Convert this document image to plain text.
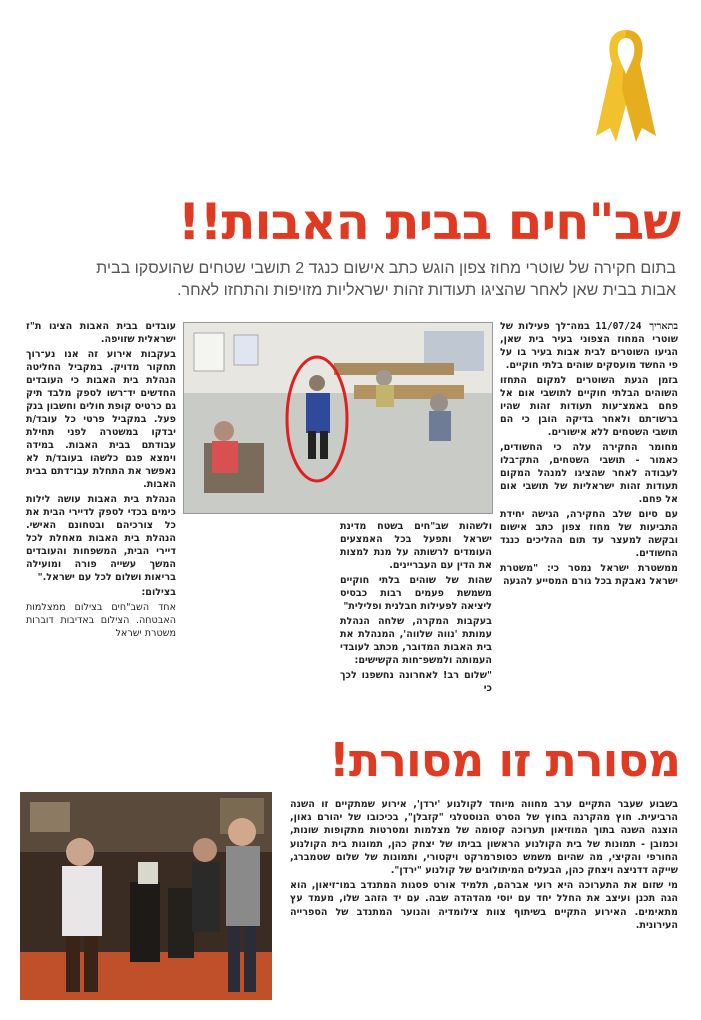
שב"חים בבית האבות!!
בתום חקירה של שוטרי מחוז צפון הוגש כתב אישום כנגד 2 תושבי שטחים שהועסקו בבית אבות בבית שאן לאחר שהציגו תעודות זהות ישראליות מזויפות והתחזו לאחר.

בתאריך 11/07/24 במה־לך פעילות של שוטרי המחוז הצפוני בעיר בית שאן, הגיעו השוטרים לבית אבות בעיר בו על פי החשד מועסקים שוהים בלתי חוקיים.

בזמן הגעת השוטרים למקום התחזו השוהים הבלתי חוקיים לתושבי אום אל פחם באמצ־עות תעודות זהות שהיו ברשו־תם ולאחר בדיקה הובן כי הם תושבי השטחים ללא אישורים.

מחומר החקירה עלה כי החשודים, כאמור - תושבי השטחים, התק־בלו לעבודה לאחר שהציגו למנהל המקום תעודות זהות ישראליות של תושבי אום אל פחם.

עם סיום שלב החקירה, הגישה יחידת התביעות של מחוז צפון כתב אישום ובקשה למעצר עד תום ההליכים כנגד החשודים.

ממשטרת ישראל נמסר כי: "משטרת ישראל נאבקת בכל גורם המסייע להגעה

ולשהות שב"חים בשטח מדינת ישראל ותפעל בכל האמצעים העומדים לרשותה על מנת למצות את הדין עם העבריינים.

שהות של שוהים בלתי חוקיים משמשת פעמים רבות כבסיס ליציאה לפעילות חבלנית ופלילית"

בעקבות המקרה, שלחה הנהלת עמותת 'נווה שלווה', המנהלת את בית האבות המדובר, מכתב לעובדי העמותה ולמשפ־חות הקשישים:

"שלום רב! לאחרונה נחשפנו לכך כי

עובדים בבית האבות הציגו ת"ז ישראלית שזויפה.

בעקבות אירוע זה אנו נע־רוך תחקור מדויק. במקביל החליטה הנהלת בית האבות כי העובדים החדשים יד־רשו לספק מלבד תיק גם כרטיס קופת חולים וחשבון בנק פעל. במקביל פרטי כל עובד/ת יבדקו במשטרה לפני תחילת עבודתם בבית האבות. במידה וימצא פגם כלשהו בעובד/ת לא נאפשר את התחלת עבו־דתם בבית האבות.

הנהלת בית האבות עושה לילות כימים בכדי לספק לדיירי הבית את כל צורכיהם ובטחונם האישי. הנהלת בית האבות מאחלת לכל דיירי הבית, המשפחות והעובדים המשך עשייה פורה ומועילה בריאות ושלום לכל עם ישראל."

בצילום:

אחד השב"חים בצילום ממצלמות האבטחה. הצילום באדיבות דוברות משטרת ישראל

מסורת זו מסורת!

בשבוע שעבר התקיים ערב מחווה מיוחד לקולנוע 'ירדן', אירוע שמתקיים זו השנה הרביעית. חוץ מהקרנה בחוץ של הסרט הנוסטלגי "קזבלן", בכיכובו של יהורם גאון, הוצגה השנה בתוך המוזיאון תערוכה קסומה של מצלמות ומסרטות מתקופות שונות, וכמובן - תמונות של בית הקולנוע הראשון בביתו של יצחק כהן, תמונות בית הקולנוע החורפי והקיצי, מה שהיום משמש כסופרמרקט ויקטורי, ותמונות של שלום שטמברג, שייקה דדניצה ויצחק כהן, הבעלים המיתולוגים של קולנוע "ירדן".

מי שזום את התערוכה היא רועי אברהם, תלמיד אורט פסגות המתנדב במו־זיאון, הוא הגה תכנן ועיצב את החלל יחד עם יוסי מהדהדה שבה. עם יד הזהב שלו, מעמד עץ מתאימים. האירוע התקיים בשיתוף צוות צילומדיה והנוער המתנדב של הספרייה העירונית.
